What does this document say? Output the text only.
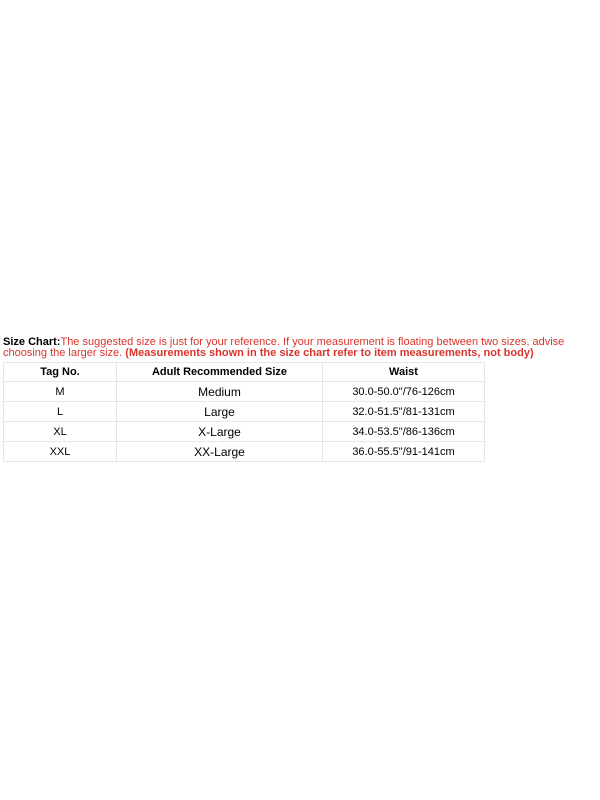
Size Chart:The suggested size is just for your reference. If your measurement is floating between two sizes, advise choosing the larger size. (Measurements shown in the size chart refer to item measurements, not body)

Tag No.	Adult Recommended Size	Waist
M	Medium	30.0-50.0"/76-126cm
L	Large	32.0-51.5"/81-131cm
XL	X-Large	34.0-53.5"/86-136cm
XXL	XX-Large	36.0-55.5"/91-141cm
